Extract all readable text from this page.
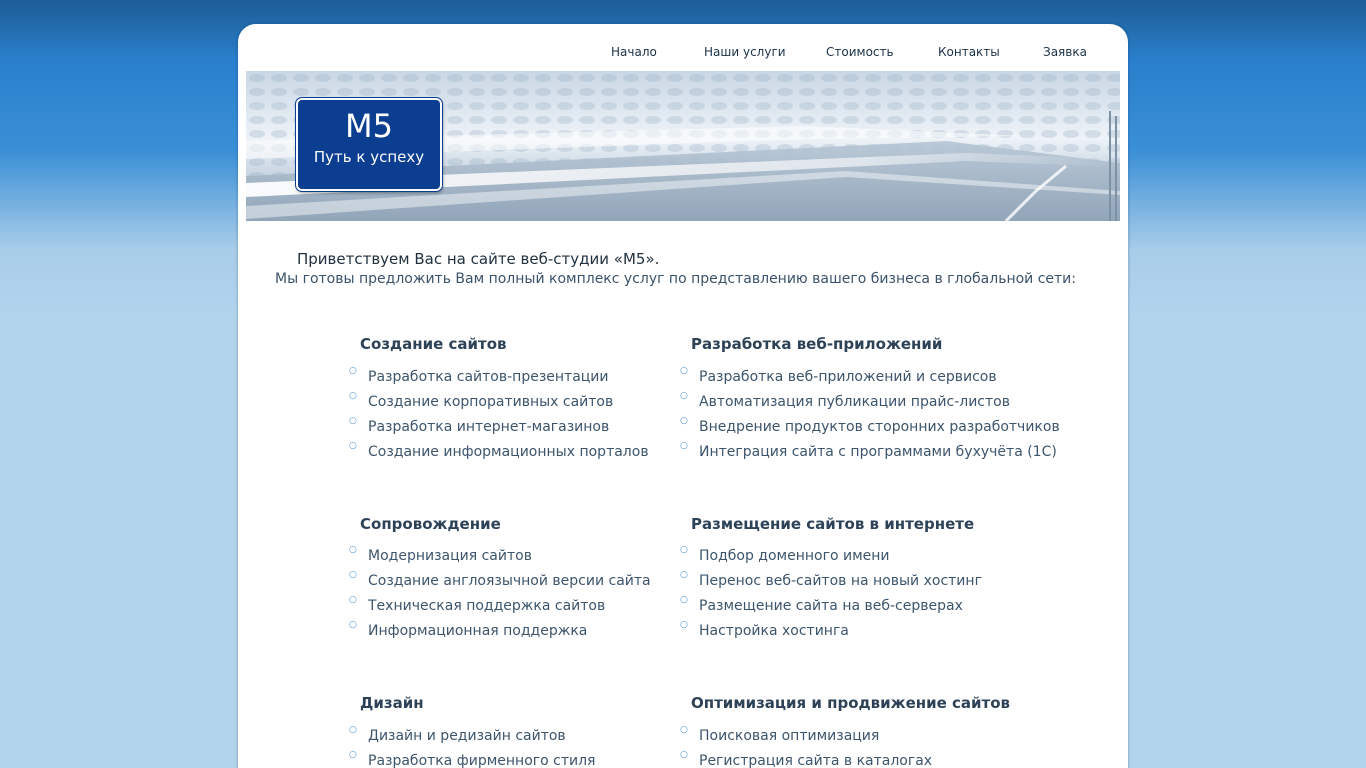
Начало	Наши услуги	Стоимость	Контакты	Заявка
М5
Путь к успеху
Приветствуем Вас на сайте веб-студии «М5».
Мы готовы предложить Вам полный комплекс услуг по представлению вашего бизнеса в глобальной сети:
Создание сайтов
○ Разработка сайтов-презентации
○ Создание корпоративных сайтов
○ Разработка интернет-магазинов
○ Создание информационных порталов
Разработка веб-приложений
○ Разработка веб-приложений и сервисов
○ Автоматизация публикации прайс-листов
○ Внедрение продуктов сторонних разработчиков
○ Интеграция сайта с программами бухучёта (1С)
Сопровождение
○ Модернизация сайтов
○ Создание англоязычной версии сайта
○ Техническая поддержка сайтов
○ Информационная поддержка
Размещение сайтов в интернете
○ Подбор доменного имени
○ Перенос веб-сайтов на новый хостинг
○ Размещение сайта на веб-серверах
○ Настройка хостинга
Дизайн
○ Дизайн и редизайн сайтов
○ Разработка фирменного стиля
Оптимизация и продвижение сайтов
○ Поисковая оптимизация
○ Регистрация сайта в каталогах
